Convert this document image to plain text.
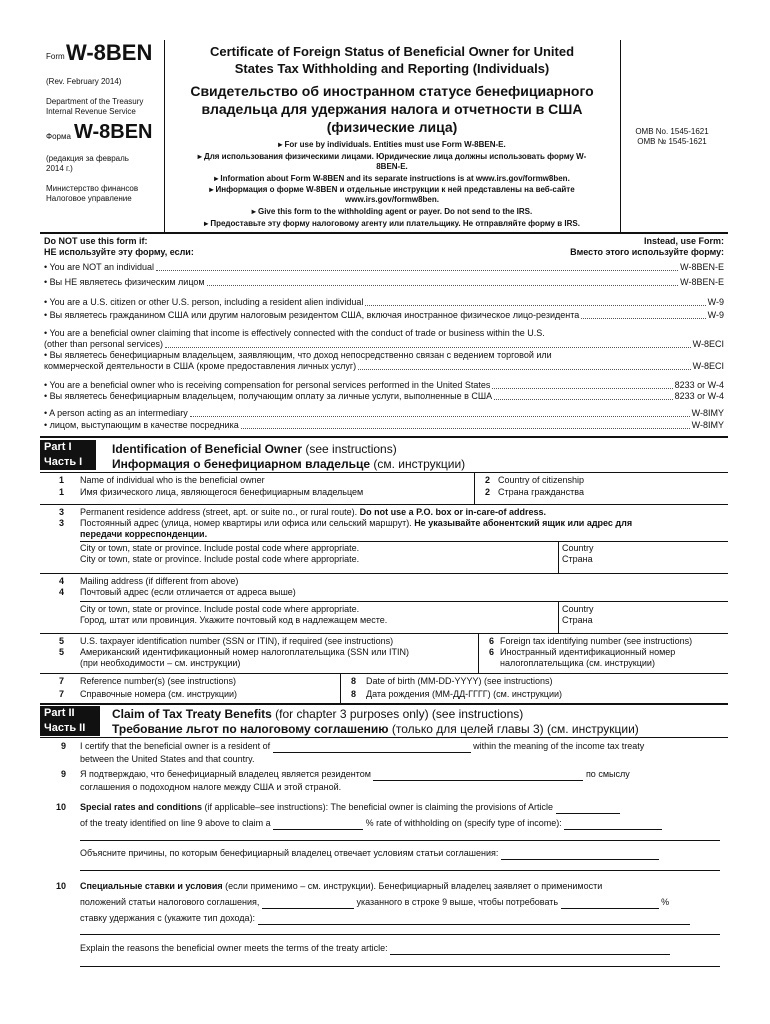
Form W-8BEN
(Rev. February 2014)
Department of the Treasury
Internal Revenue Service
Форма W-8BEN
(редакция за февраль
2014 г.)
Министерство финансов
Налоговое управление
Certificate of Foreign Status of Beneficial Owner for United
States Tax Withholding and Reporting (Individuals)
Свидетельство об иностранном статусе бенефициарного
владельца для удержания налога и отчетности в США
(физические лица)
▸ For use by individuals. Entities must use Form W-8BEN-E.
▸ Для использования физическими лицами. Юридические лица должны использовать форму W-
8BEN-E.
▸ Information about Form W-8BEN and its separate instructions is at www.irs.gov/formw8ben.
▸ Информация о форме W-8BEN и отдельные инструкции к ней представлены на веб-сайте
www.irs.gov/formw8ben.
▸ Give this form to the withholding agent or payer. Do not send to the IRS.
▸ Предоставьте эту форму налоговому агенту или плательщику. Не отправляйте форму в IRS.
OMB No. 1545-1621
OMB № 1545-1621
Do NOT use this form if:
НЕ используйте эту форму, если:
Instead, use Form:
Вместо этого используйте форму:
• You are NOT an individual	W-8BEN-E
• Вы НЕ являетесь физическим лицом	W-8BEN-E
• You are a U.S. citizen or other U.S. person, including a resident alien individual	W-9
• Вы являетесь гражданином США или другим налоговым резидентом США, включая иностранное физическое лицо-резидента	W-9
• You are a beneficial owner claiming that income is effectively connected with the conduct of trade or business within the U.S.
(other than personal services)	W-8ECI
• Вы являетесь бенефициарным владельцем, заявляющим, что доход непосредственно связан с ведением торговой или
коммерческой деятельности в США (кроме предоставления личных услуг)	W-8ECI
• You are a beneficial owner who is receiving compensation for personal services performed in the United States	8233 or W-4
• Вы являетесь бенефициарным владельцем, получающим оплату за личные услуги, выполненные в США	8233 or W-4
• A person acting as an intermediary	W-8IMY
• лицом, выступающим в качестве посредника	W-8IMY
Part I
Часть I
Identification of Beneficial Owner (see instructions)
Информация о бенефициарном владельце (см. инструкции)
1
1
Name of individual who is the beneficial owner
Имя физического лица, являющегося бенефициарным владельцем
2
2
Country of citizenship
Страна гражданства
3
3
Permanent residence address (street, apt. or suite no., or rural route). Do not use a P.O. box or in-care-of address.
Постоянный адрес (улица, номер квартиры или офиса или сельский маршрут). Не указывайте абонентский ящик или адрес для
передачи корреспонденции.
City or town, state or province. Include postal code where appropriate.
City or town, state or province. Include postal code where appropriate.
Country
Страна
4
4
Mailing address (if different from above)
Почтовый адрес (если отличается от адреса выше)
City or town, state or province. Include postal code where appropriate.
Город, штат или провинция. Укажите почтовый код в надлежащем месте.
Country
Страна
5
5
U.S. taxpayer identification number (SSN or ITIN), if required (see instructions)
Американский идентификационный номер налогоплательщика (SSN или ITIN)
(при необходимости – см. инструкции)
6
6
Foreign tax identifying number (see instructions)
Иностранный идентификационный номер
налогоплательщика (см. инструкции)
7
7
Reference number(s) (see instructions)
Справочные номера (см. инструкции)
8
8
Date of birth (MM-DD-YYYY) (see instructions)
Дата рождения (ММ-ДД-ГГГГ) (см. инструкции)
Part II
Часть II
Claim of Tax Treaty Benefits (for chapter 3 purposes only) (see instructions)
Требование льгот по налоговому соглашению (только для целей главы 3) (см. инструкции)
9 I certify that the beneficial owner is a resident of	within the meaning of the income tax treaty
between the United States and that country.
9 Я подтверждаю, что бенефициарный владелец является резидентом	по смыслу
соглашения о подоходном налоге между США и этой страной.
10 Special rates and conditions (if applicable–see instructions): The beneficial owner is claiming the provisions of Article
of the treaty identified on line 9 above to claim a	% rate of withholding on (specify type of income):
Объясните причины, по которым бенефициарный владелец отвечает условиям статьи соглашения:
10 Специальные ставки и условия (если применимо – см. инструкции). Бенефициарный владелец заявляет о применимости
положений статьи налогового соглашения,	указанного в строке 9 выше, чтобы потребовать	%
ставку удержания с (укажите тип дохода):
Explain the reasons the beneficial owner meets the terms of the treaty article:
